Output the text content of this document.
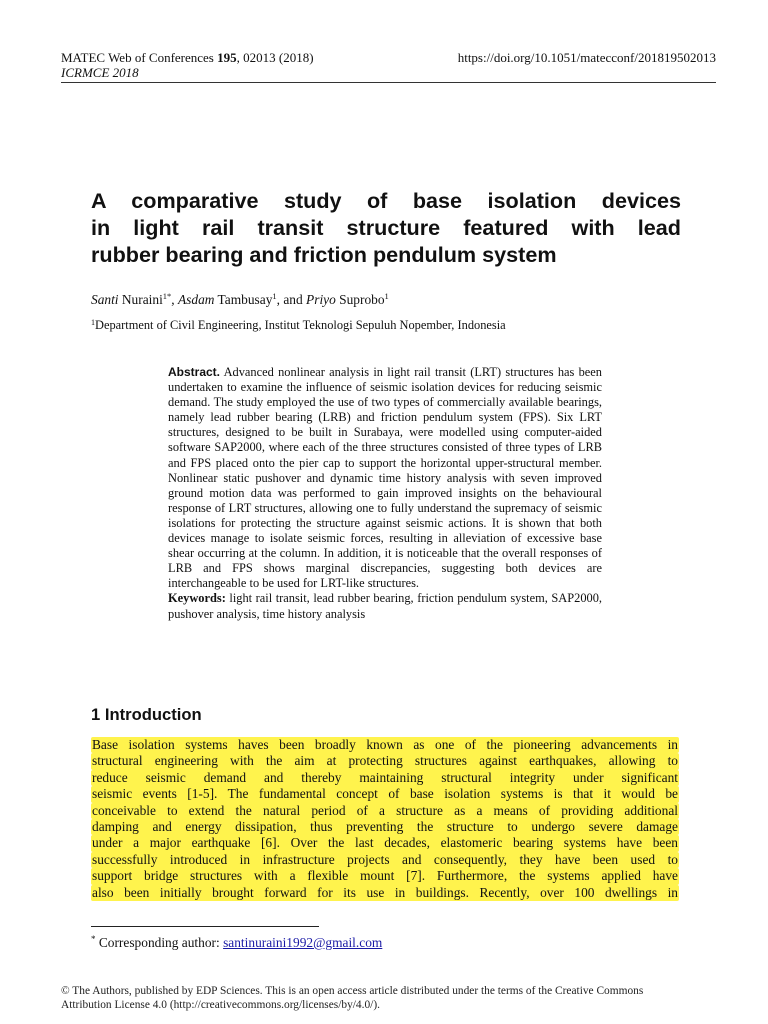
MATEC Web of Conferences 195, 02013 (2018)
ICRMCE 2018
https://doi.org/10.1051/matecconf/201819502013
A comparative study of base isolation devices
in light rail transit structure featured with lead
rubber bearing and friction pendulum system
Santi Nuraini$^{1*}$, Asdam Tambusay$^1$, and Priyo Suprobo$^1$
$^1$Department of Civil Engineering, Institut Teknologi Sepuluh Nopember, Indonesia

Abstract. Advanced nonlinear analysis in light rail transit (LRT) structures has been undertaken to examine the influence of seismic isolation devices for reducing seismic demand. The study employed the use of two types of commercially available bearings, namely lead rubber bearing (LRB) and friction pendulum system (FPS). Six LRT structures, designed to be built in Surabaya, were modelled using computer-aided software SAP2000, where each of the three structures consisted of three types of LRB and FPS placed onto the pier cap to support the horizontal upper-structural member. Nonlinear static pushover and dynamic time history analysis with seven improved ground motion data was performed to gain improved insights on the behavioural response of LRT structures, allowing one to fully understand the supremacy of seismic isolations for protecting the structure against seismic actions. It is shown that both devices manage to isolate seismic forces, resulting in alleviation of excessive base shear occurring at the column. In addition, it is noticeable that the overall responses of LRB and FPS shows marginal discrepancies, suggesting both devices are interchangeable to be used for LRT-like structures.

Keywords: light rail transit, lead rubber bearing, friction pendulum system, SAP2000, pushover analysis, time history analysis

1 Introduction
Base isolation systems haves been broadly known as one of the pioneering advancements in
structural engineering with the aim at protecting structures against earthquakes, allowing to
reduce seismic demand and thereby maintaining structural integrity under significant
seismic events [1-5]. The fundamental concept of base isolation systems is that it would be
conceivable to extend the natural period of a structure as a means of providing additional
damping and energy dissipation, thus preventing the structure to undergo severe damage
under a major earthquake [6]. Over the last decades, elastomeric bearing systems have been
successfully introduced in infrastructure projects and consequently, they have been used to
support bridge structures with a flexible mount [7]. Furthermore, the systems applied have
also been initially brought forward for its use in buildings. Recently, over 100 dwellings in
* Corresponding author: santinuraini1992@gmail.com
© The Authors, published by EDP Sciences. This is an open access article distributed under the terms of the Creative Commons
Attribution License 4.0 (http://creativecommons.org/licenses/by/4.0/).
